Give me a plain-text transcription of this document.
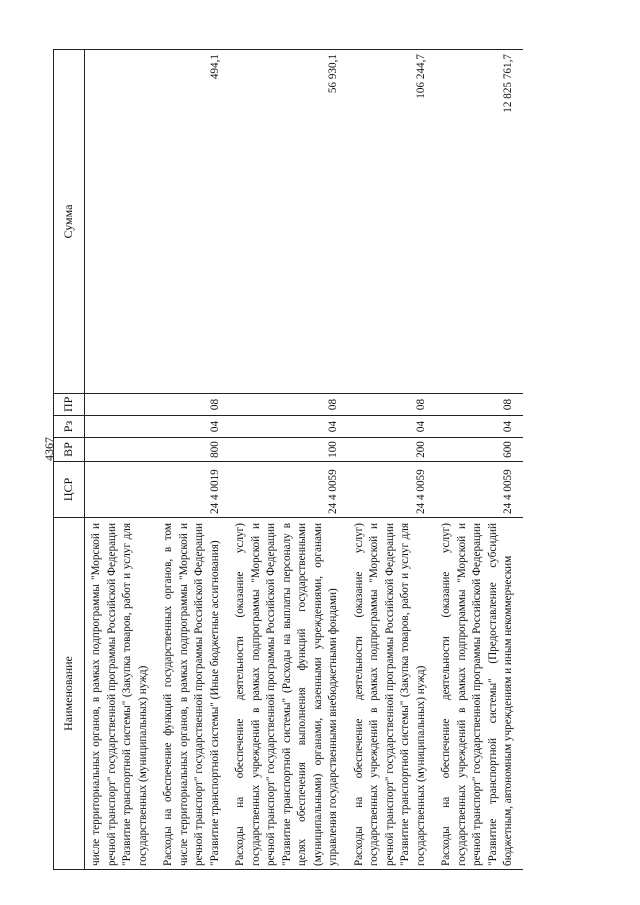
4367
Наименование	ЦСР	ВР	Рз	ПР	Сумма
числе территориальных органов, в рамках подпрограммы "Морской и речной транспорт" государственной программы Российской Федерации "Развитие транспортной системы" (Закупка товаров, работ и услуг для государственных (муниципальных) нужд)					
Расходы на обеспечение функций государственных органов, в том числе территориальных органов, в рамках подпрограммы "Морской и речной транспорт" государственной программы Российской Федерации "Развитие транспортной системы" (Иные бюджетные ассигнования)	24 4 0019	800	04	08	494,1
Расходы на обеспечение деятельности (оказание услуг) государственных учреждений в рамках подпрограммы "Морской и речной транспорт" государственной программы Российской Федерации "Развитие транспортной системы" (Расходы на выплаты персоналу в целях обеспечения выполнения функций государственными (муниципальными) органами, казенными учреждениями, органами управления государственными внебюджетными фондами)	24 4 0059	100	04	08	56 930,1
Расходы на обеспечение деятельности (оказание услуг) государственных учреждений в рамках подпрограммы "Морской и речной транспорт" государственной программы Российской Федерации "Развитие транспортной системы" (Закупка товаров, работ и услуг для государственных (муниципальных) нужд)	24 4 0059	200	04	08	106 244,7
Расходы на обеспечение деятельности (оказание услуг) государственных учреждений в рамках подпрограммы "Морской и речной транспорт" государственной программы Российской Федерации "Развитие транспортной системы" (Предоставление субсидий бюджетным, автономным учреждениям и иным некоммерческим	24 4 0059	600	04	08	12 825 761,7
